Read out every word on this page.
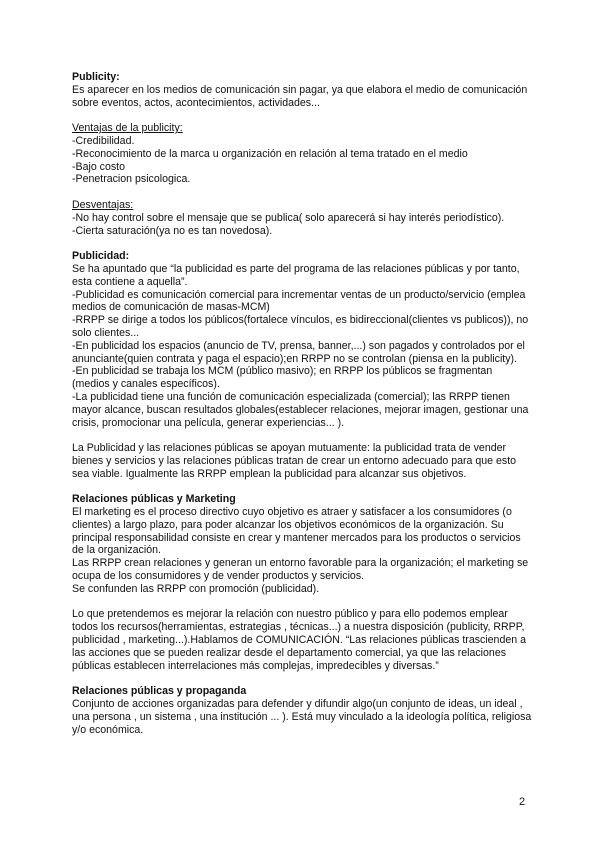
Publicity:

Es aparecer en los medios de comunicación sin pagar, ya que elabora el medio de comunicación sobre eventos, actos, acontecimientos, actividades...

Ventajas de la publicity:

-Credibilidad.

-Reconocimiento de la marca u organización en relación al tema tratado en el medio

-Bajo costo

-Penetracion psicologica.

Desventajas:

-No hay control sobre el mensaje que se publica( solo aparecerá si hay interés periodístico).

-Cierta saturación(ya no es tan novedosa).

Publicidad:

Se ha apuntado que “la publicidad es parte del programa de las relaciones públicas y por tanto, esta contiene a aquella”.

-Publicidad es comunicación comercial para incrementar ventas de un producto/servicio (emplea medios de comunicación de masas-MCM)

-RRPP se dirige a todos los públicos(fortalece vínculos, es bidireccional(clientes vs publicos)), no solo clientes...

-En publicidad los espacios (anuncio de TV, prensa, banner,...) son pagados y controlados por el anunciante(quien contrata y paga el espacio);en RRPP no se controlan (piensa en la publicity).

-En publicidad se trabaja los MCM (público masivo); en RRPP los públicos se fragmentan (medios y canales específicos).

-La publicidad tiene una función de comunicación especializada (comercial); las RRPP tienen mayor alcance, buscan resultados globales(establecer relaciones, mejorar imagen, gestionar una crisis, promocionar una película, generar experiencias... ).

La Publicidad y las relaciones públicas se apoyan mutuamente: la publicidad trata de vender bienes y servicios y las relaciones públicas tratan de crear un entorno adecuado para que esto sea viable. Igualmente las RRPP emplean la publicidad para alcanzar sus objetivos.

Relaciones públicas y Marketing

El marketing es el proceso directivo cuyo objetivo es atraer y satisfacer a los consumidores (o clientes) a largo plazo, para poder alcanzar los objetivos económicos de la organización. Su principal responsabilidad consiste en crear y mantener mercados para los productos o servicios de la organización.

Las RRPP crean relaciones y generan un entorno favorable para la organización; el marketing se ocupa de los consumidores y de vender productos y servicios.

Se confunden las RRPP con promoción (publicidad).

Lo que pretendemos es mejorar la relación con nuestro público y para ello podemos emplear todos los recursos(herramientas, estrategias , técnicas...) a nuestra disposición (publicity, RRPP, publicidad , marketing...).Hablamos de COMUNICACIÓN. “Las relaciones públicas trascienden a las acciones que se pueden realizar desde el departamento comercial, ya que las relaciones públicas establecen interrelaciones más complejas, impredecibles y diversas.”

Relaciones públicas y propaganda

Conjunto de acciones organizadas para defender y difundir algo(un conjunto de ideas, un ideal , una persona , un sistema , una institución ... ). Está muy vinculado a la ideología política, religiosa y/o económica.

2
